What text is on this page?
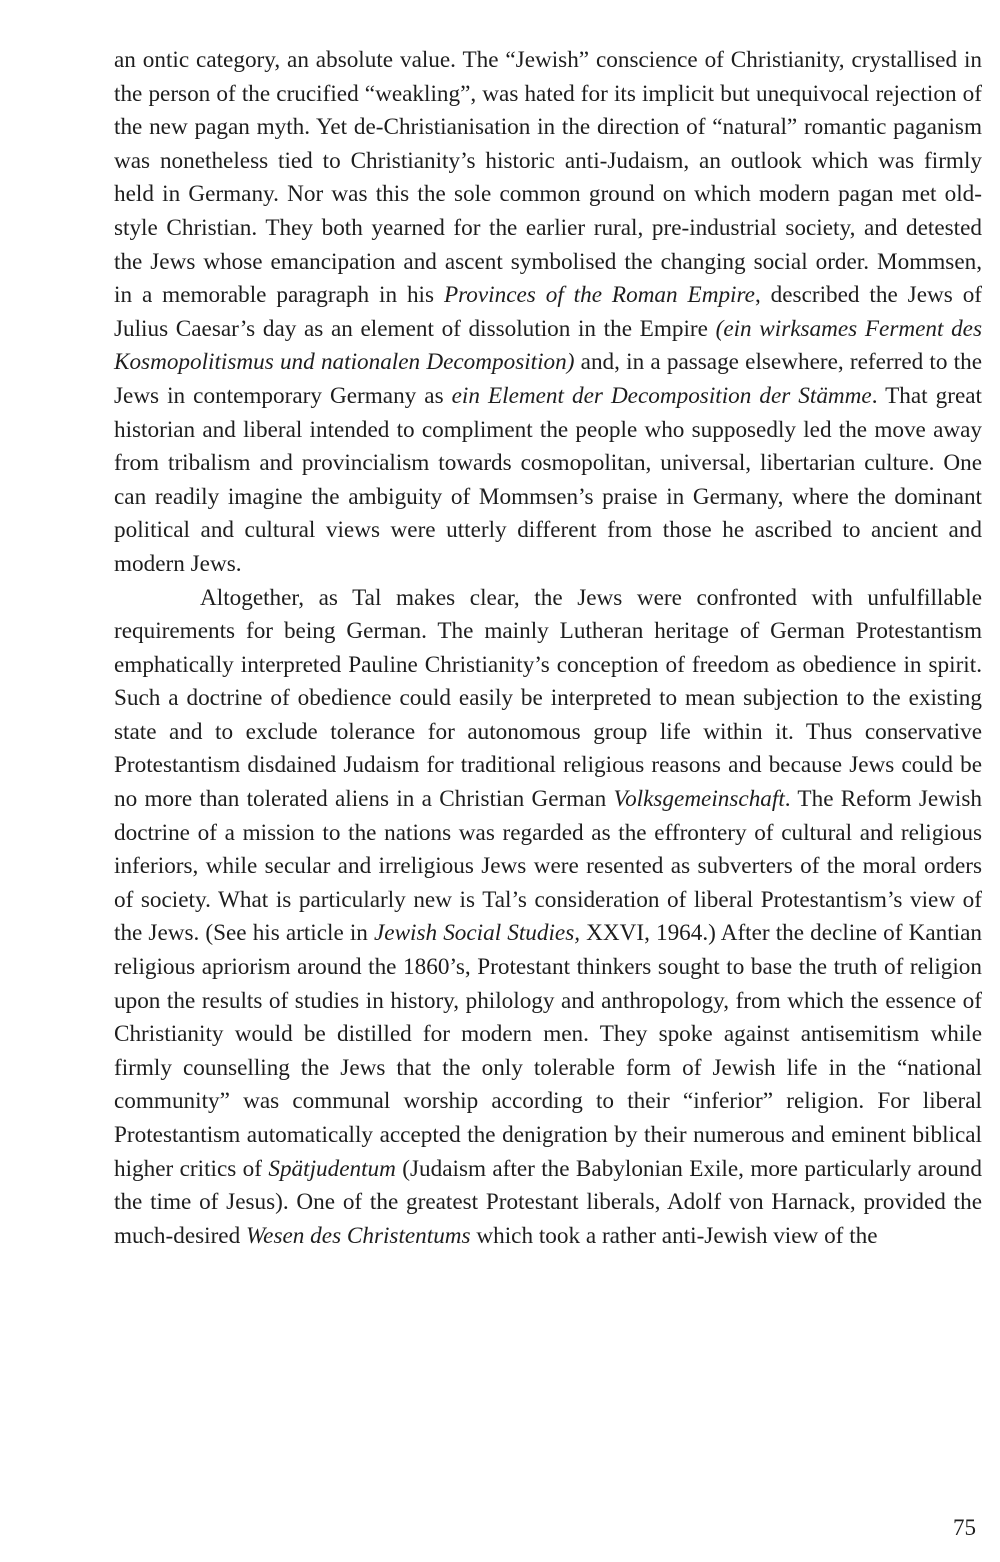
an ontic category, an absolute value. The “Jewish” conscience of Christianity, crystallised in the person of the crucified “weakling”, was hated for its implicit but unequivocal rejection of the new pagan myth. Yet de-Christianisation in the direction of “natural” romantic paganism was nonetheless tied to Christianity’s historic anti-Judaism, an outlook which was firmly held in Germany. Nor was this the sole common ground on which modern pagan met old-style Christian. They both yearned for the earlier rural, pre-industrial society, and detested the Jews whose emancipation and ascent symbolised the changing social order. Mommsen, in a memorable paragraph in his Provinces of the Roman Empire, described the Jews of Julius Caesar’s day as an element of dissolution in the Empire (ein wirksames Ferment des Kosmopolitismus und nationalen Decomposition) and, in a passage elsewhere, referred to the Jews in contemporary Germany as ein Element der Decomposition der Stämme. That great historian and liberal intended to compliment the people who supposedly led the move away from tribalism and provincialism towards cosmopolitan, universal, libertarian culture. One can readily imagine the ambiguity of Mommsen’s praise in Germany, where the dominant political and cultural views were utterly different from those he ascribed to ancient and modern Jews.

Altogether, as Tal makes clear, the Jews were confronted with unfulfillable requirements for being German. The mainly Lutheran heritage of German Protestantism emphatically interpreted Pauline Christianity’s conception of freedom as obedience in spirit. Such a doctrine of obedience could easily be interpreted to mean subjection to the existing state and to exclude tolerance for autonomous group life within it. Thus conservative Protestantism disdained Judaism for traditional religious reasons and because Jews could be no more than tolerated aliens in a Christian German Volksgemeinschaft. The Reform Jewish doctrine of a mission to the nations was regarded as the effrontery of cultural and religious inferiors, while secular and irreligious Jews were resented as subverters of the moral orders of society. What is particularly new is Tal’s consideration of liberal Protestantism’s view of the Jews. (See his article in Jewish Social Studies, XXVI, 1964.) After the decline of Kantian religious apriorism around the 1860’s, Protestant thinkers sought to base the truth of religion upon the results of studies in history, philology and anthropology, from which the essence of Christianity would be distilled for modern men. They spoke against antisemitism while firmly counselling the Jews that the only tolerable form of Jewish life in the “national community” was communal worship according to their “inferior” religion. For liberal Protestantism automatically accepted the denigration by their numerous and eminent biblical higher critics of Spätjudentum (Judaism after the Babylonian Exile, more particularly around the time of Jesus). One of the greatest Protestant liberals, Adolf von Harnack, provided the much-desired Wesen des Christentums which took a rather anti-Jewish view of the

75
